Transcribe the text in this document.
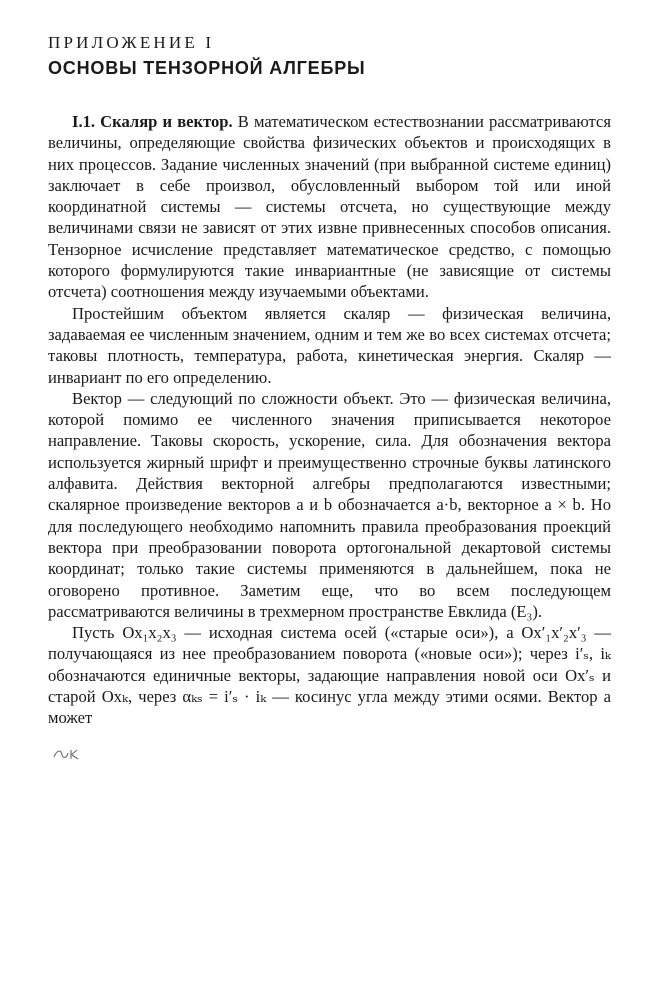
ПРИЛОЖЕНИЕ I

ОСНОВЫ ТЕНЗОРНОЙ АЛГЕБРЫ

I.1. Скаляр и вектор. В математическом естествознании рассматриваются величины, определяющие свойства физических объектов и происходящих в них процессов. Задание численных значений (при выбранной системе единиц) заключает в себе произвол, обусловленный выбором той или иной координатной системы — системы отсчета, но существующие между величинами связи не зависят от этих извне привнесенных способов описания. Тензорное исчисление представляет математическое средство, с помощью которого формулируются такие инвариантные (не зависящие от системы отсчета) соотношения между изучаемыми объектами.

Простейшим объектом является скаляр — физическая величина, задаваемая ее численным значением, одним и тем же во всех системах отсчета; таковы плотность, температура, работа, кинетическая энергия. Скаляр — инвариант по его определению.

Вектор — следующий по сложности объект. Это — физическая величина, которой помимо ее численного значения приписывается некоторое направление. Таковы скорость, ускорение, сила. Для обозначения вектора используется жирный шрифт и преимущественно строчные буквы латинского алфавита. Действия векторной алгебры предполагаются известными; скалярное произведение векторов a и b обозначается a·b, векторное a × b. Но для последующего необходимо напомнить правила преобразования проекций вектора при преобразовании поворота ортогональной декартовой системы координат; только такие системы применяются в дальнейшем, пока не оговорено противное. Заметим еще, что во всем последующем рассматриваются величины в трехмерном пространстве Евклида (E₃).

Пусть Ox₁x₂x₃ — исходная система осей («старые оси»), а Ox′₁x′₂x′₃ — получающаяся из нее преобразованием поворота («новые оси»); через i′ₛ, iₖ обозначаются единичные векторы, задающие направления новой оси Ox′ₛ и старой Oxₖ, через αₖₛ = i′ₛ · iₖ — косинус угла между этими осями. Вектор a может
